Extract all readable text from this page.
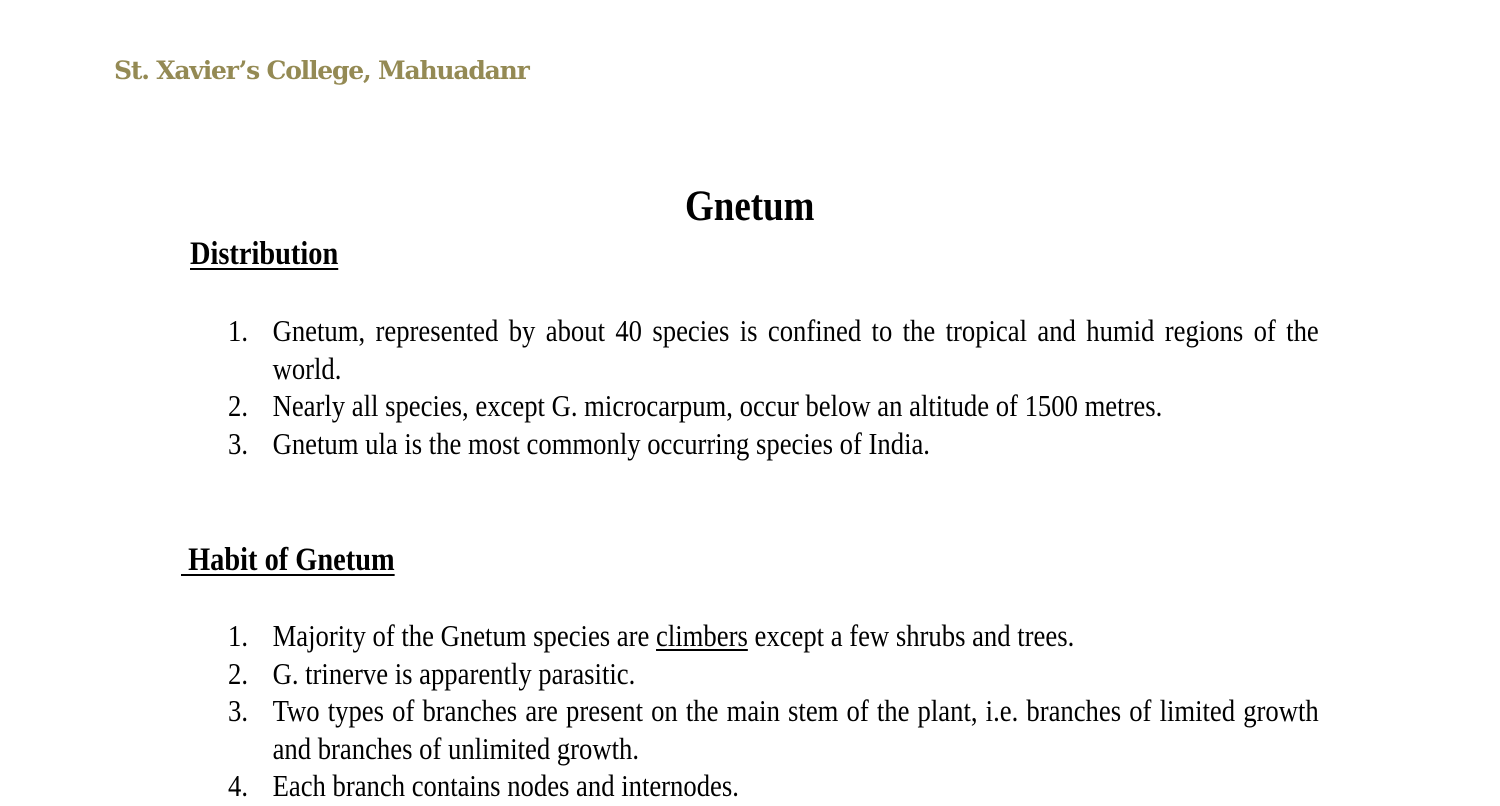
St. Xavier’s College, Mahuadanr
Gnetum
Distribution
1. Gnetum, represented by about 40 species is confined to the tropical and humid regions of the world.
2. Nearly all species, except G. microcarpum, occur below an altitude of 1500 metres.
3. Gnetum ula is the most commonly occurring species of India.
Habit of Gnetum
1. Majority of the Gnetum species are climbers except a few shrubs and trees.
2. G. trinerve is apparently parasitic.
3. Two types of branches are present on the main stem of the plant, i.e. branches of limited growth and branches of unlimited growth.
4. Each branch contains nodes and internodes.
